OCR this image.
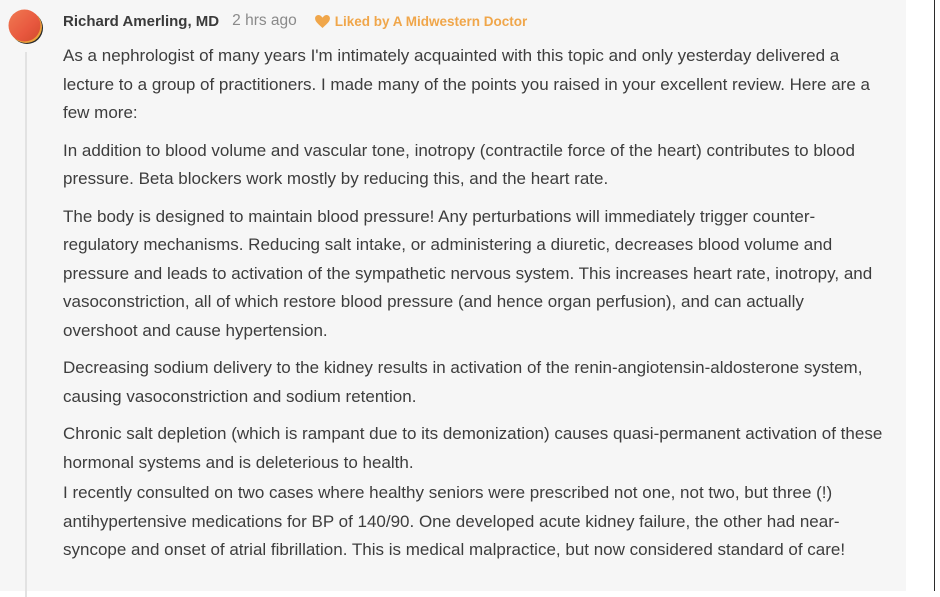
Richard Amerling, MD 2 hrs ago	Liked by A Midwestern Doctor

As a nephrologist of many years I'm intimately acquainted with this topic and only yesterday delivered a lecture to a group of practitioners. I made many of the points you raised in your excellent review. Here are a few more:

In addition to blood volume and vascular tone, inotropy (contractile force of the heart) contributes to blood pressure. Beta blockers work mostly by reducing this, and the heart rate.

The body is designed to maintain blood pressure! Any perturbations will immediately trigger counter-regulatory mechanisms. Reducing salt intake, or administering a diuretic, decreases blood volume and pressure and leads to activation of the sympathetic nervous system. This increases heart rate, inotropy, and vasoconstriction, all of which restore blood pressure (and hence organ perfusion), and can actually overshoot and cause hypertension.

Decreasing sodium delivery to the kidney results in activation of the renin-angiotensin-aldosterone system, causing vasoconstriction and sodium retention.

Chronic salt depletion (which is rampant due to its demonization) causes quasi-permanent activation of these hormonal systems and is deleterious to health.

I recently consulted on two cases where healthy seniors were prescribed not one, not two, but three (!) antihypertensive medications for BP of 140/90. One developed acute kidney failure, the other had near-syncope and onset of atrial fibrillation. This is medical malpractice, but now considered standard of care!
